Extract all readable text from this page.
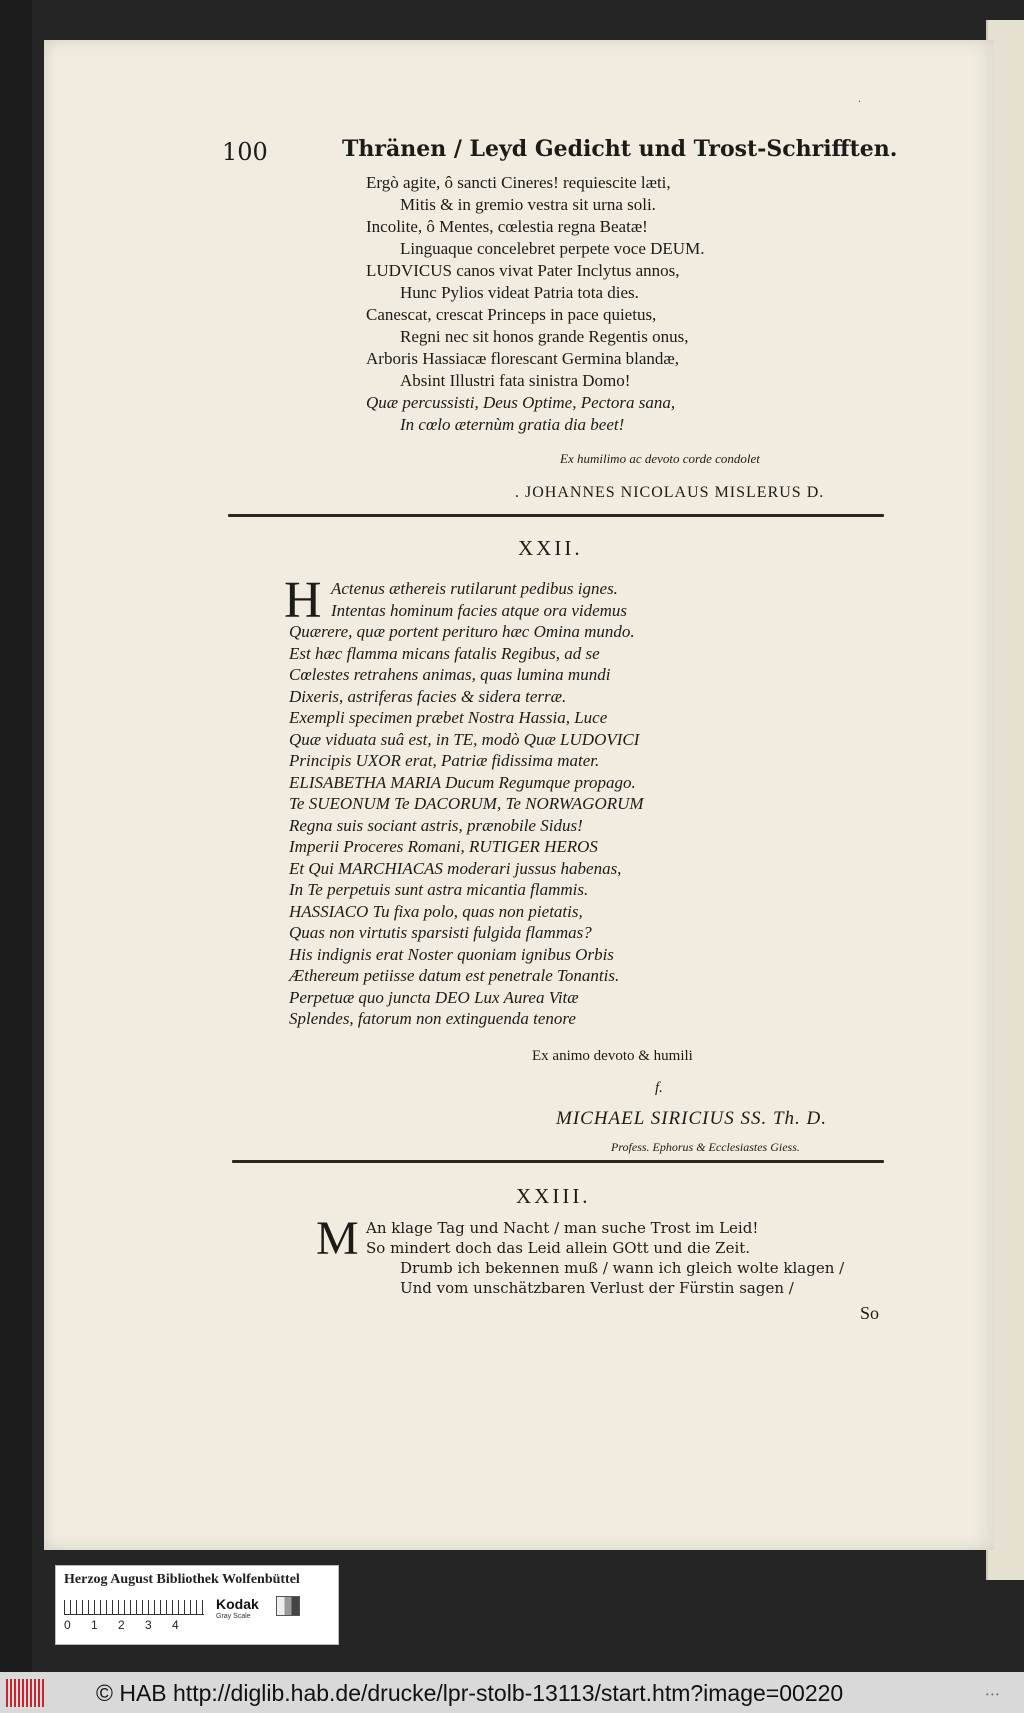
100	Thränen / Leyd Gedicht und Trost-Schrifften.
·
Ergò agite, ô sancti Cineres! requiescite læti,
Mitis & in gremio vestra sit urna soli.
Incolite, ô Mentes, cœlestia regna Beatæ!
Linguaque concelebret perpete voce DEUM.
LUDVICUS canos vivat Pater Inclytus annos,
Hunc Pylios videat Patria tota dies.
Canescat, crescat Princeps in pace quietus,
Regni nec sit honos grande Regentis onus,
Arboris Hassiacæ florescant Germina blandæ,
Absint Illustri fata sinistra Domo!
Quæ percussisti, Deus Optime, Pectora sana,
In cœlo æternùm gratia dia beet!
Ex humilimo ac devoto corde condolet
. JOHANNES NICOLAUS MISLERUS D.
XXII.
H Actenus æthereis rutilarunt pedibus ignes.
Intentas hominum facies atque ora videmus
Quærere, quæ portent perituro hæc Omina mundo.
Est hæc flamma micans fatalis Regibus, ad se
Cœlestes retrahens animas, quas lumina mundi
Dixeris, astriferas facies & sidera terræ.
Exempli specimen præbet Nostra Hassia, Luce
Quæ viduata suâ est, in TE, modò Quæ LUDOVICI
Principis UXOR erat, Patriæ fidissima mater.
ELISABETHA MARIA Ducum Regumque propago.
Te SUEONUM Te DACORUM, Te NORWAGORUM
Regna suis sociant astris, prænobile Sidus!
Imperii Proceres Romani, RUTIGER HEROS
Et Qui MARCHIACAS moderari jussus habenas,
In Te perpetuis sunt astra micantia flammis.
HASSIACO Tu fixa polo, quas non pietatis,
Quas non virtutis sparsisti fulgida flammas?
His indignis erat Noster quoniam ignibus Orbis
Æthereum petiisse datum est penetrale Tonantis.
Perpetuæ quo juncta DEO Lux Aurea Vitæ
Splendes, fatorum non extinguenda tenore
Ex animo devoto & humili
f.
MICHAEL SIRICIUS SS. Th. D.
Profess. Ephorus & Ecclesiastes Giess.
XXIII.
M An klage Tag und Nacht / man suche Trost im Leid!
So mindert doch das Leid allein GOtt und die Zeit.
Drumb ich bekennen muß / wann ich gleich wolte klagen /
Und vom unschätzbaren Verlust der Fürstin sagen /
So
Herzog August Bibliothek Wolfenbüttel
0 1 2 3 4
Kodak
Gray Scale
© HAB http://diglib.hab.de/drucke/lpr-stolb-13113/start.htm?image=00220	• • •
